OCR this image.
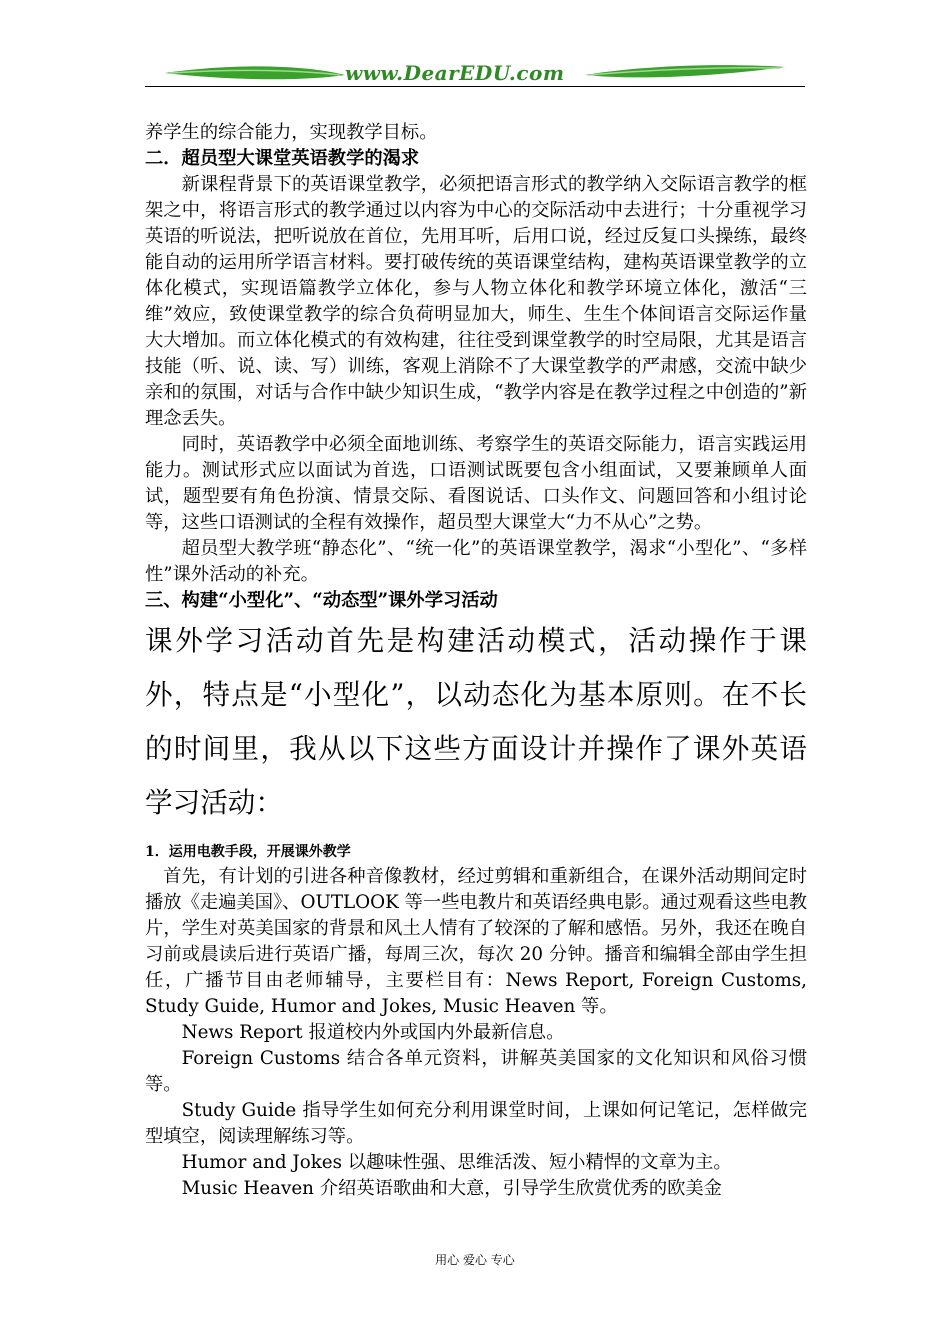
www.DearEDU.com

养学生的综合能力，实现教学目标。

二．超员型大课堂英语教学的渴求

新课程背景下的英语课堂教学，必须把语言形式的教学纳入交际语言教学的框架之中，将语言形式的教学通过以内容为中心的交际活动中去进行；十分重视学习英语的听说法，把听说放在首位，先用耳听，后用口说，经过反复口头操练，最终能自动的运用所学语言材料。要打破传统的英语课堂结构，建构英语课堂教学的立体化模式，实现语篇教学立体化，参与人物立体化和教学环境立体化，激活“三维”效应，致使课堂教学的综合负荷明显加大，师生、生生个体间语言交际运作量大大增加。而立体化模式的有效构建，往往受到课堂教学的时空局限，尤其是语言技能（听、说、读、写）训练，客观上消除不了大课堂教学的严肃感，交流中缺少亲和的氛围，对话与合作中缺少知识生成，“教学内容是在教学过程之中创造的”新理念丢失。

同时，英语教学中必须全面地训练、考察学生的英语交际能力，语言实践运用能力。测试形式应以面试为首选，口语测试既要包含小组面试，又要兼顾单人面试，题型要有角色扮演、情景交际、看图说话、口头作文、问题回答和小组讨论等，这些口语测试的全程有效操作，超员型大课堂大“力不从心”之势。

超员型大教学班“静态化”、“统一化”的英语课堂教学，渴求“小型化”、“多样性”课外活动的补充。

三、构建“小型化”、“动态型”课外学习活动

课外学习活动首先是构建活动模式，活动操作于课外，特点是“小型化”，以动态化为基本原则。在不长的时间里，我从以下这些方面设计并操作了课外英语学习活动：

1．运用电教手段，开展课外教学

首先，有计划的引进各种音像教材，经过剪辑和重新组合，在课外活动期间定时播放《走遍美国》、OUTLOOK 等一些电教片和英语经典电影。通过观看这些电教片，学生对英美国家的背景和风土人情有了较深的了解和感悟。另外，我还在晚自习前或晨读后进行英语广播，每周三次，每次 20 分钟。播音和编辑全部由学生担任，广播节目由老师辅导，主要栏目有：News Report, Foreign Customs, Study Guide, Humor and Jokes, Music Heaven 等。

News Report 报道校内外或国内外最新信息。

Foreign Customs 结合各单元资料，讲解英美国家的文化知识和风俗习惯等。

Study Guide 指导学生如何充分利用课堂时间，上课如何记笔记，怎样做完型填空，阅读理解练习等。

Humor and Jokes 以趣味性强、思维活泼、短小精悍的文章为主。

Music Heaven 介绍英语歌曲和大意，引导学生欣赏优秀的欧美金

用心 爱心 专心
